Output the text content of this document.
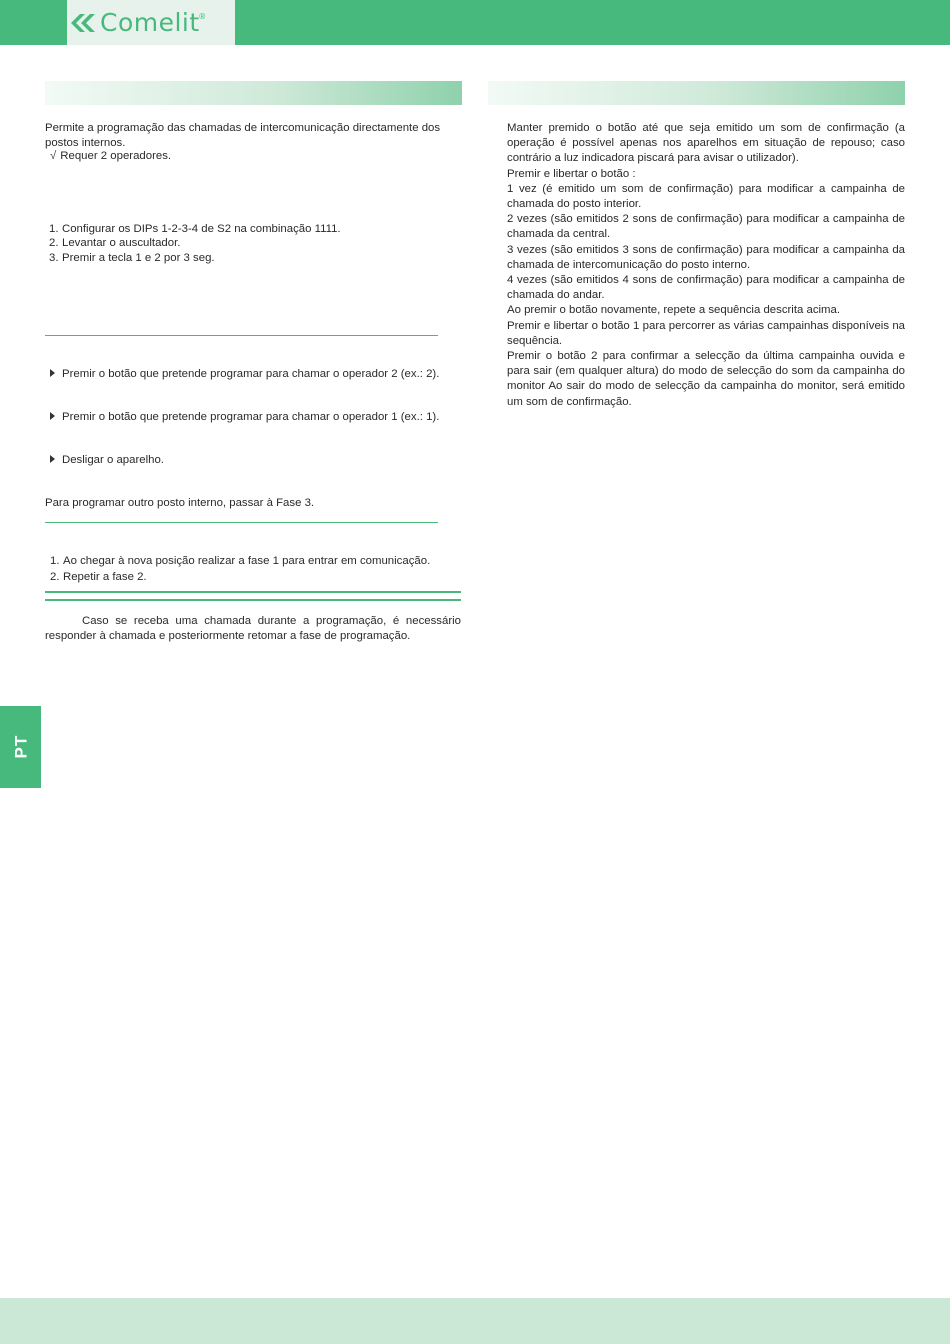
Comelit
®
Permite a programação das chamadas de intercomunicação directamente dos postos internos.
√ Requer 2 operadores.
1. Configurar os DIPs 1-2-3-4 de S2 na combinação 1111.
2. Levantar o auscultador.
3. Premir a tecla 1 e 2 por 3 seg.
Premir o botão que pretende programar para chamar o operador 2 (ex.: 2).
Premir o botão que pretende programar para chamar o operador 1 (ex.: 1).
Desligar o aparelho.
Para programar outro posto interno, passar à Fase 3.
1. Ao chegar à nova posição realizar a fase 1 para entrar em comunicação.
2. Repetir a fase 2.
Caso se receba uma chamada durante a programação, é necessário responder à chamada e posteriormente retomar a fase de programação.
Manter premido o botão até que seja emitido um som de confirmação (a operação é possível apenas nos aparelhos em situação de repouso; caso contrário a luz indicadora piscará para avisar o utilizador).
Premir e libertar o botão :
1 vez (é emitido um som de confirmação) para modificar a campainha de chamada do posto interior.
2 vezes (são emitidos 2 sons de confirmação) para modificar a campainha de chamada da central.
3 vezes (são emitidos 3 sons de confirmação) para modificar a campainha da chamada de intercomunicação do posto interno.
4 vezes (são emitidos 4 sons de confirmação) para modificar a campainha de chamada do andar.
Ao premir o botão novamente, repete a sequência descrita acima.
Premir e libertar o botão 1 para percorrer as várias campainhas disponíveis na sequência.
Premir o botão 2 para confirmar a selecção da última campainha ouvida e para sair (em qualquer altura) do modo de selecção do som da campainha do monitor Ao sair do modo de selecção da campainha do monitor, será emitido um som de confirmação.
PT
